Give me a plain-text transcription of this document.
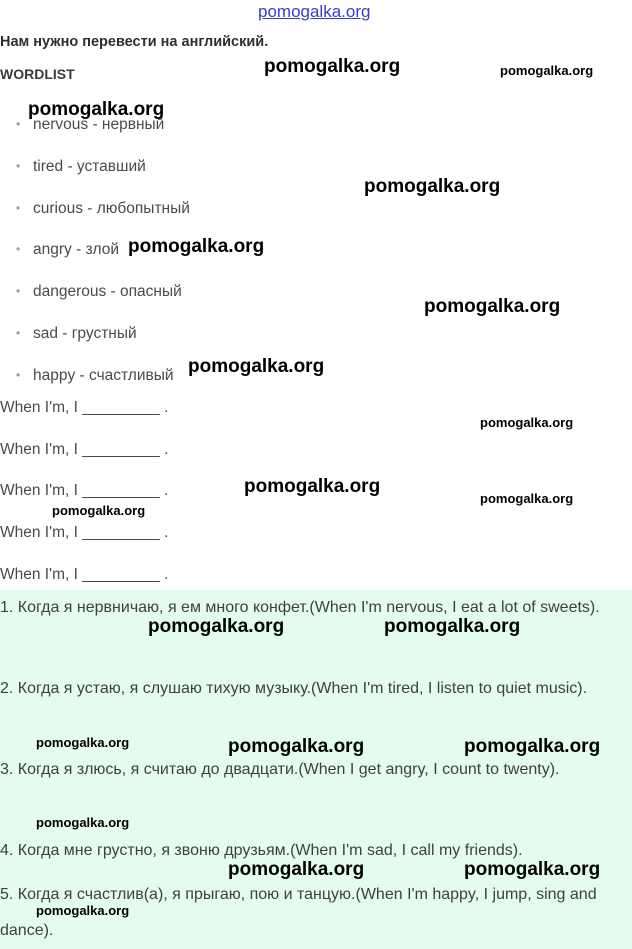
pomogalka.org
Нам нужно перевести на английский.
WORDLIST
• nervous - нервный
• tired - уставший
• curious - любопытный
• angry - злой
• dangerous - опасный
• sad - грустный
• happy - счастливый
When I'm, I _________ .
When I'm, I _________ .
When I'm, I _________ .
When I'm, I _________ .
When I'm, I _________ .
1. Когда я нервничаю, я ем много конфет.(When I'm nervous, I eat a lot of sweets).
2. Когда я устаю, я слушаю тихую музыку.(When I'm tired, I listen to quiet music).
3. Когда я злюсь, я считаю до двадцати.(When I get angry, I count to twenty).
4. Когда мне грустно, я звоню друзьям.(When I'm sad, I call my friends).
5. Когда я счастлив(а), я прыгаю, пою и танцую.(When I'm happy, I jump, sing and dance).
pomogalka.org	pomogalka.org
pomogalka.org
pomogalka.org
pomogalka.org
pomogalka.org
pomogalka.org
pomogalka.org
pomogalka.org
pomogalka.org
pomogalka.org
pomogalka.org	pomogalka.org
pomogalka.org	pomogalka.org	pomogalka.org
pomogalka.org
pomogalka.org	pomogalka.org
pomogalka.org
